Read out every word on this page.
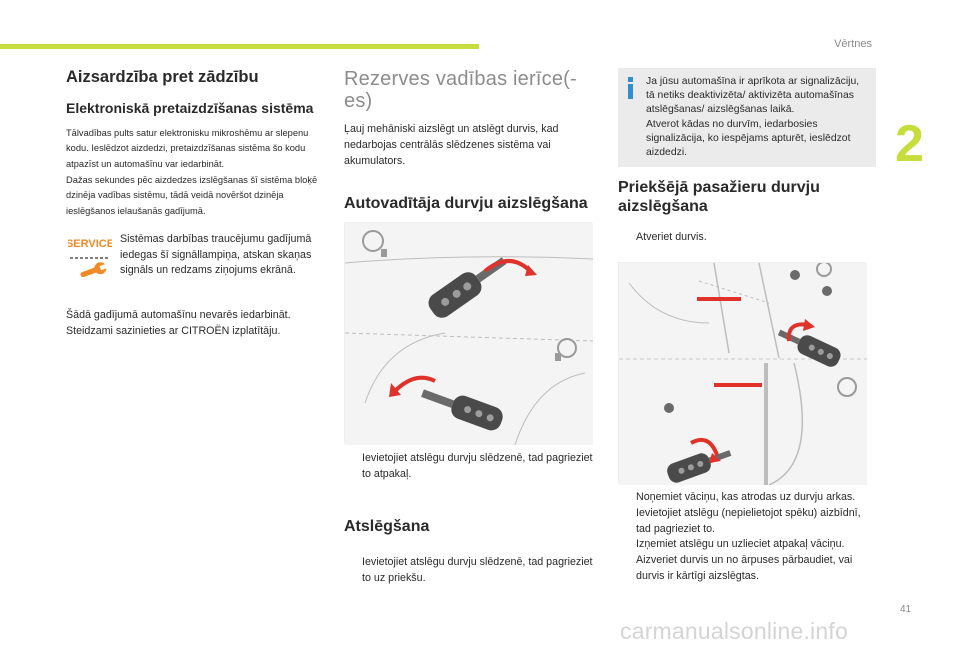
Vērtnes
2
41
carmanualsonline.info
Aizsardzība pret zādzību
Elektroniskā pretaizdzīšanas sistēma

Tālvadības pults satur elektronisku mikroshēmu ar slepenu kodu. Ieslēdzot aizdedzi, pretaizdzīšanas sistēma šo kodu atpazīst un automašīnu var iedarbināt.
Dažas sekundes pēc aizdedzes izslēgšanas šī sistēma bloķē dzinēja vadības sistēmu, tādā veidā novēršot dzinēja ieslēgšanos ielaušanās gadījumā.

SERVICE Sistēmas darbības traucējumu gadījumā iedegas šī signāllampiņa, atskan skaņas signāls un redzams ziņojums ekrānā.

Šādā gadījumā automašīnu nevarēs iedarbināt. Steidzami sazinieties ar CITROËN izplatītāju.

Rezerves vadības ierīce(-es)

Ļauj mehāniski aizslēgt un atslēgt durvis, kad nedarbojas centrālās slēdzenes sistēma vai akumulators.

Autovadītāja durvju aizslēgšana
Ievietojiet atslēgu durvju slēdzenē, tad pagrieziet to atpakaļ.
Atslēgšana
Ievietojiet atslēgu durvju slēdzenē, tad pagrieziet to uz priekšu.
Ja jūsu automašīna ir aprīkota ar signalizāciju, tā netiks deaktivizēta/ aktivizēta automašīnas atslēgšanas/ aizslēgšanas laikā.
Atverot kādas no durvīm, iedarbosies signalizācija, ko iespējams apturēt, ieslēdzot aizdedzi.
Priekšējā pasažieru durvju aizslēgšana
Atveriet durvis.
Noņemiet vāciņu, kas atrodas uz durvju arkas.
Ievietojiet atslēgu (nepielietojot spēku) aizbīdnī, tad pagrieziet to.
Izņemiet atslēgu un uzlieciet atpakaļ vāciņu.
Aizveriet durvis un no ārpuses pārbaudiet, vai durvis ir kārtīgi aizslēgtas.
